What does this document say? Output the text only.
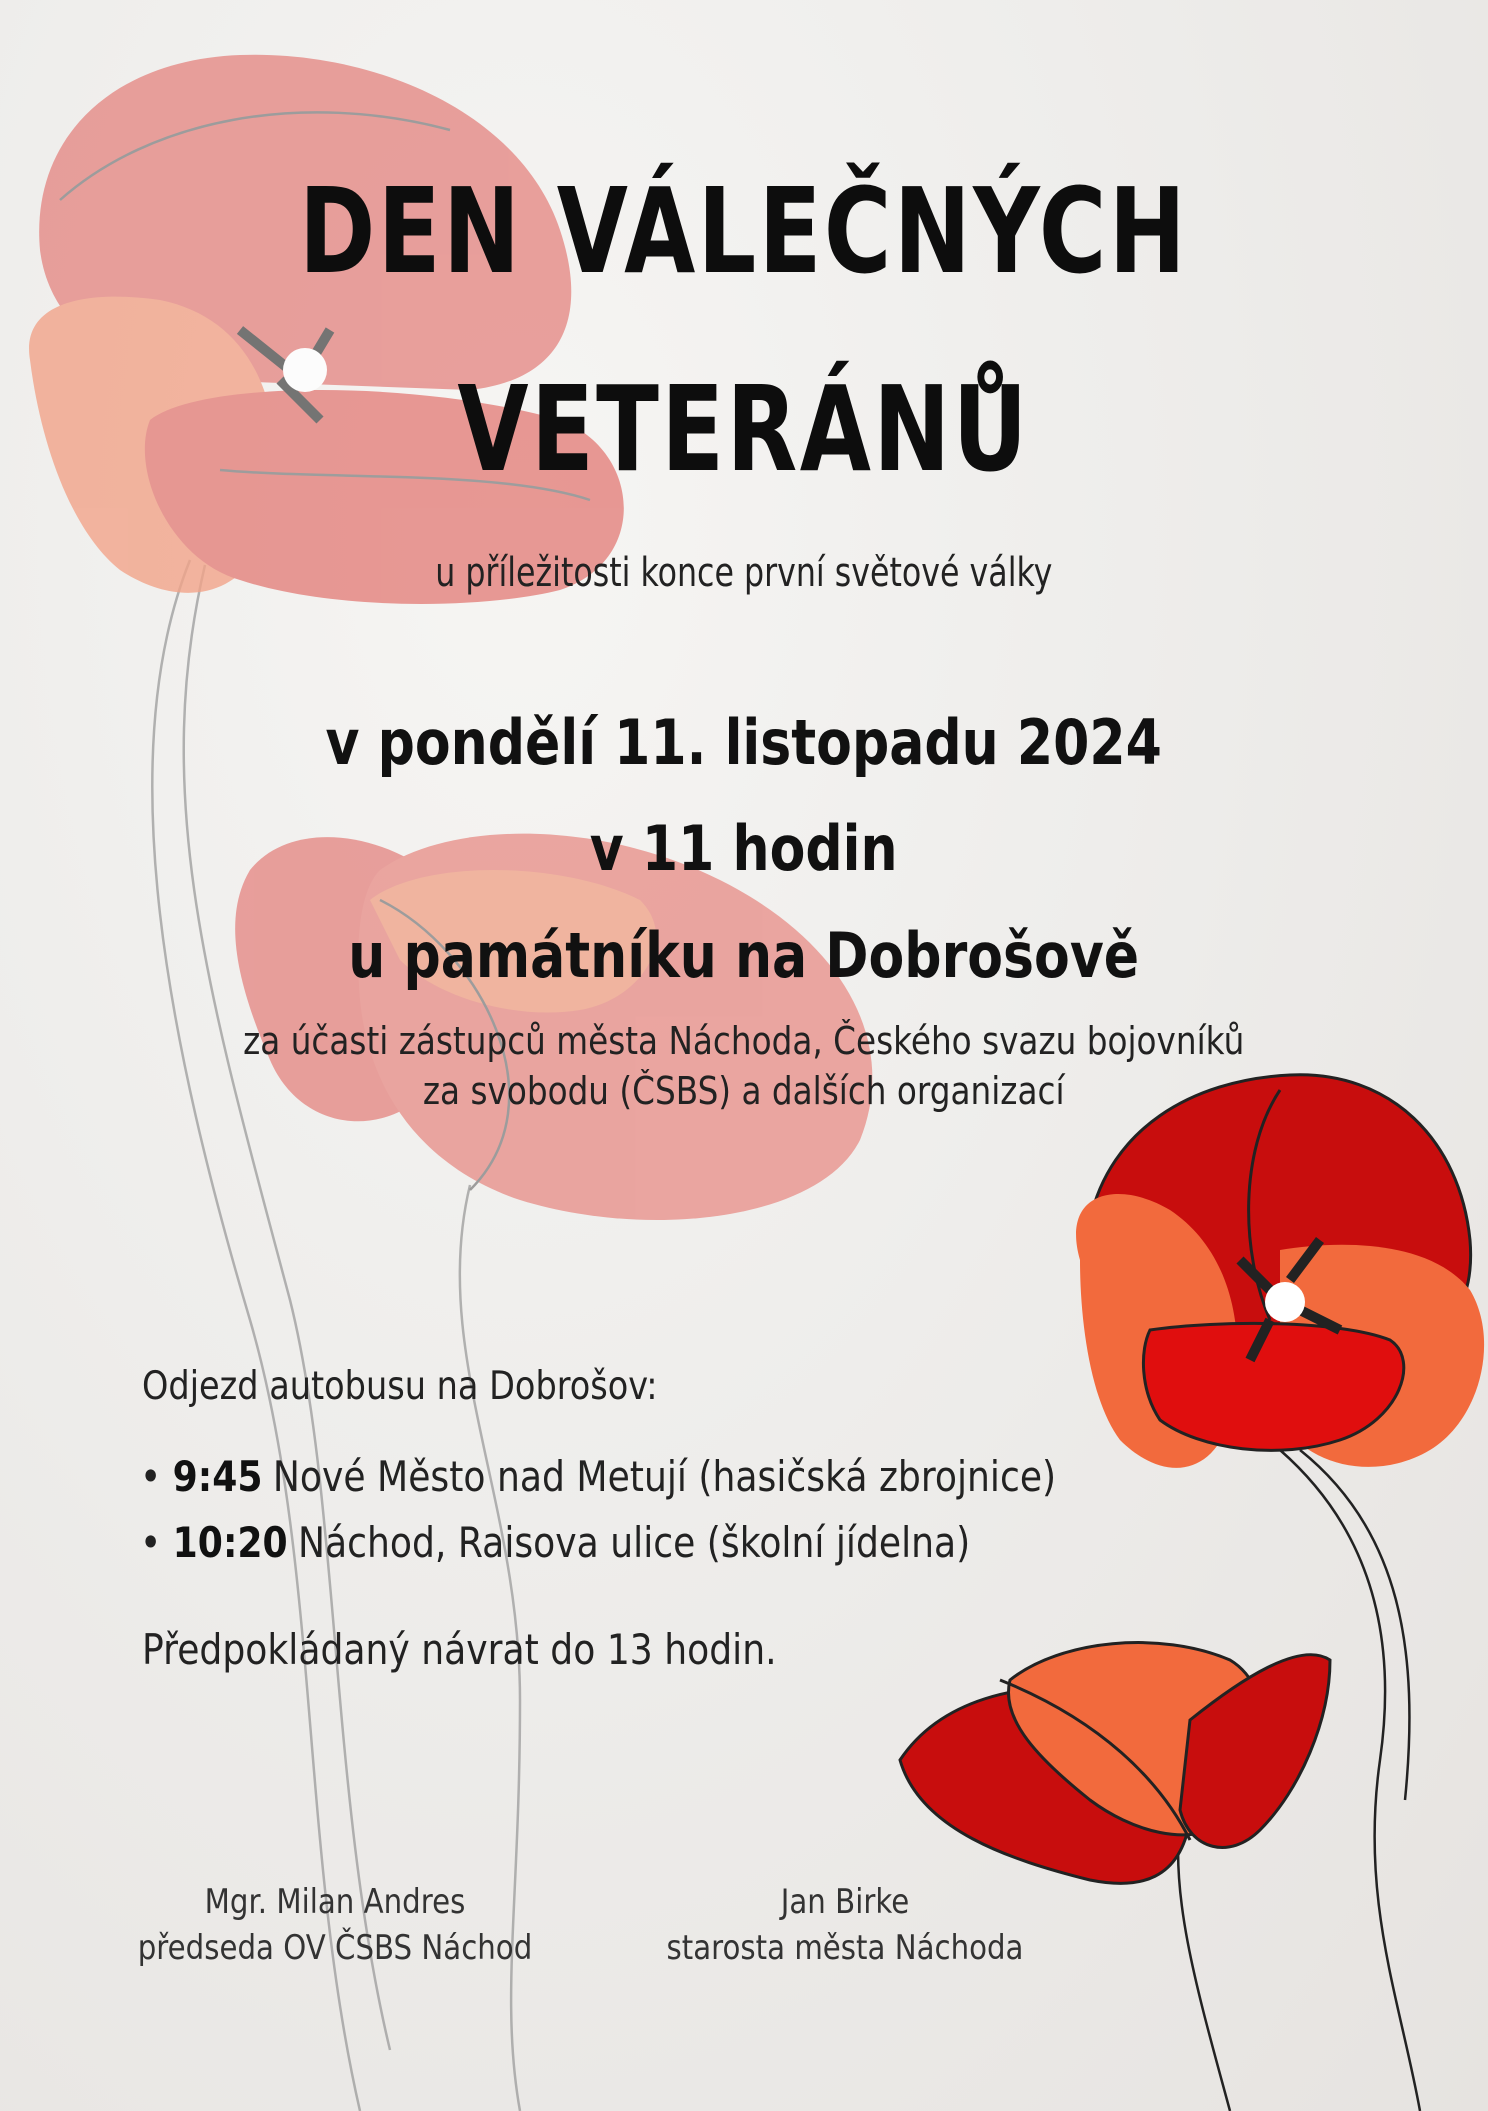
DEN VÁLEČNÝCH
VETERÁNŮ
u příležitosti konce první světové války
v pondělí 11. listopadu 2024
v 11 hodin
u památníku na Dobrošově
za účasti zástupců města Náchoda, Českého svazu bojovníků
za svobodu (ČSBS) a dalších organizací
Odjezd autobusu na Dobrošov:
• 9:45 Nové Město nad Metují (hasičská zbrojnice)
• 10:20 Náchod, Raisova ulice (školní jídelna)
Předpokládaný návrat do 13 hodin.
Mgr. Milan Andres
předseda OV ČSBS Náchod
Jan Birke
starosta města Náchoda
